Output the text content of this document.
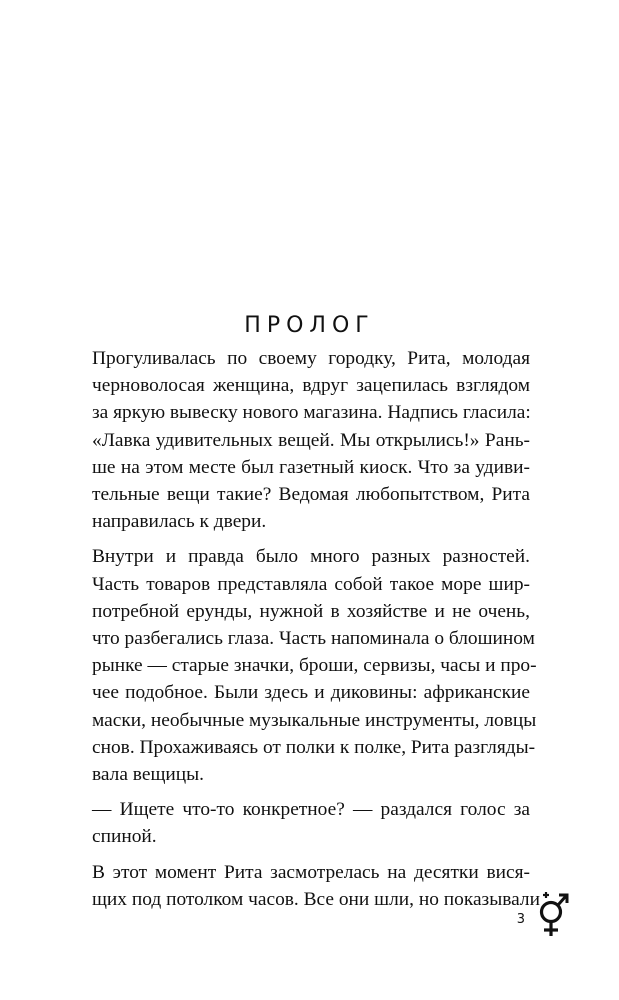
ПРОЛОГ
Прогуливалась по своему городку, Рита, молодая
черноволосая женщина, вдруг зацепилась взглядом
за яркую вывеску нового магазина. Надпись гласила:
«Лавка удивительных вещей. Мы открылись!» Рань-
ше на этом месте был газетный киоск. Что за удиви-
тельные вещи такие? Ведомая любопытством, Рита
направилась к двери.
Внутри и правда было много разных разностей.
Часть товаров представляла собой такое море шир-
потребной ерунды, нужной в хозяйстве и не очень,
что разбегались глаза. Часть напоминала о блошином
рынке — старые значки, броши, сервизы, часы и про-
чее подобное. Были здесь и диковины: африканские
маски, необычные музыкальные инструменты, ловцы
снов. Прохаживаясь от полки к полке, Рита разгляды-
вала вещицы.
— Ищете что-то конкретное? — раздался голос за
спиной.
В этот момент Рита засмотрелась на десятки вися-
щих под потолком часов. Все они шли, но показывали
3
